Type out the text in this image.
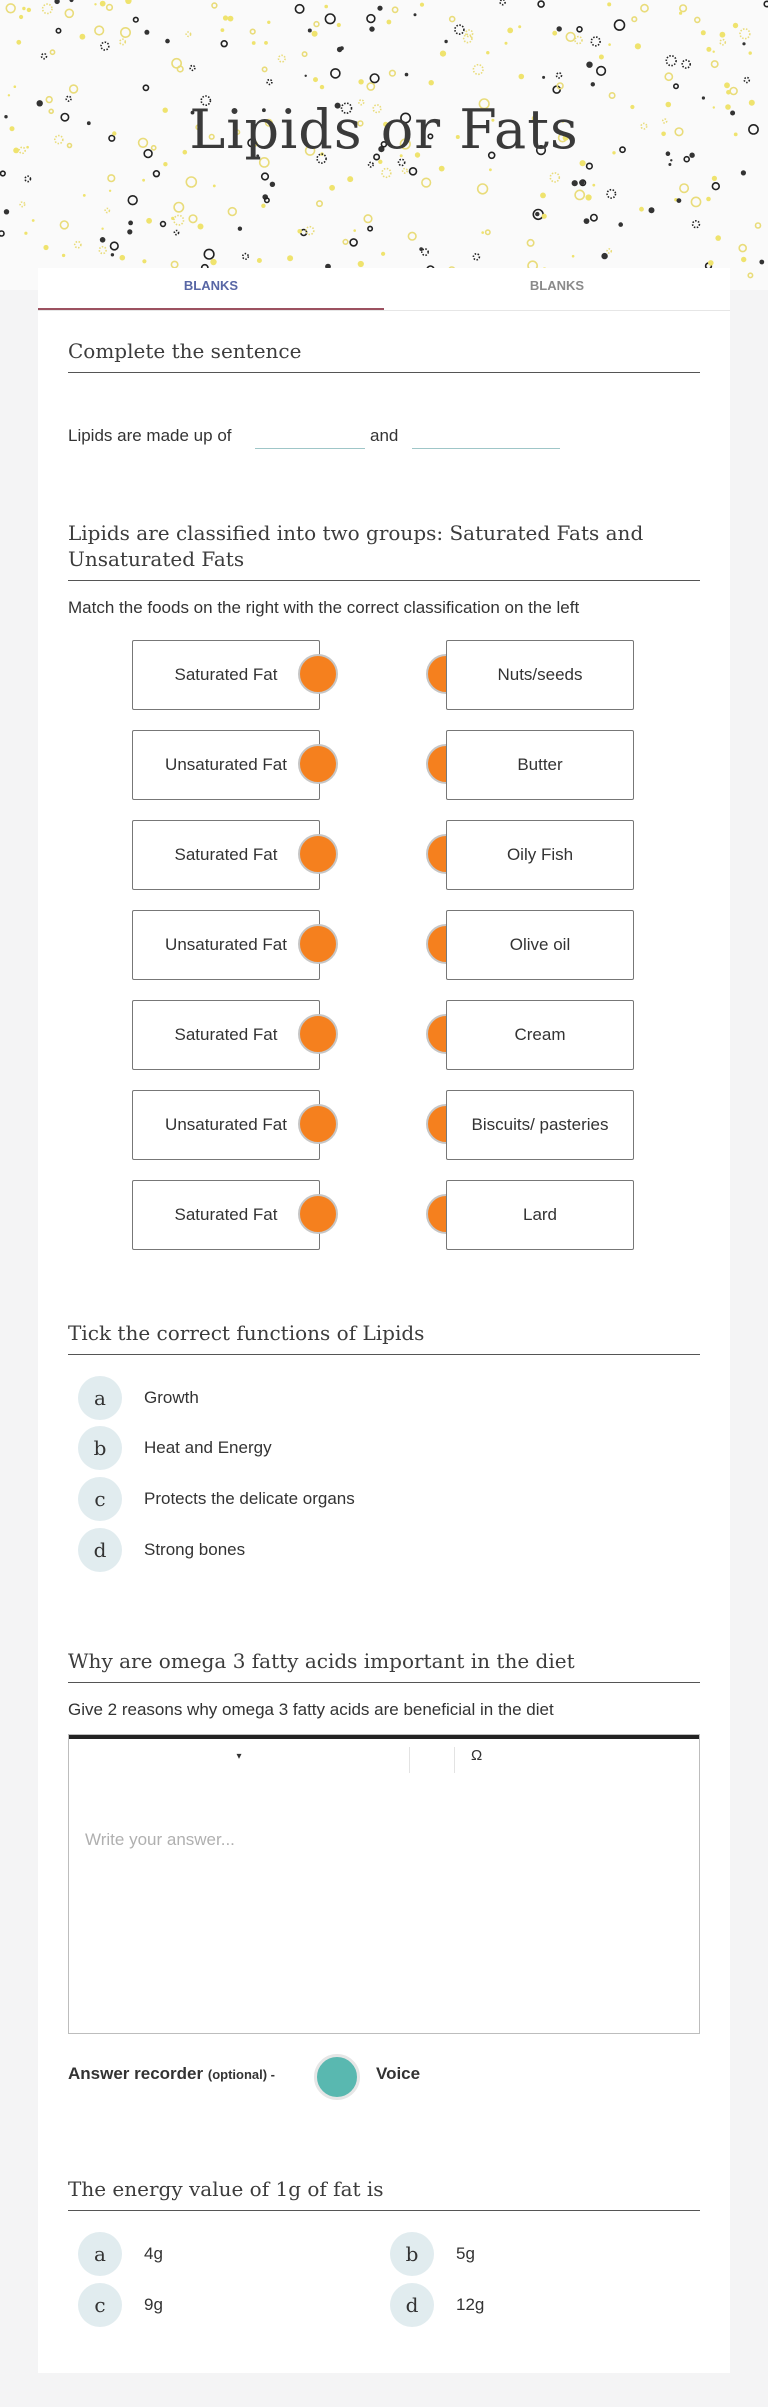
Lipids or Fats
BLANKS	BLANKS
Complete the sentence
Lipids are made up of	and
Lipids are classified into two groups: Saturated Fats and Unsaturated Fats
Match the foods on the right with the correct classification on the left
Saturated Fat	Nuts/seeds
Unsaturated Fat	Butter
Saturated Fat	Oily Fish
Unsaturated Fat	Olive oil
Saturated Fat	Cream
Unsaturated Fat	Biscuits/ pasteries
Saturated Fat	Lard
Tick the correct functions of Lipids
a	Growth
b	Heat and Energy
c	Protects the delicate organs
d	Strong bones
Why are omega 3 fatty acids important in the diet
Give 2 reasons why omega 3 fatty acids are beneficial in the diet
▾	Ω
Write your answer...
Answer recorder (optional) -	Voice
The energy value of 1g of fat is
a	4g	b	5g
c	9g	d	12g
